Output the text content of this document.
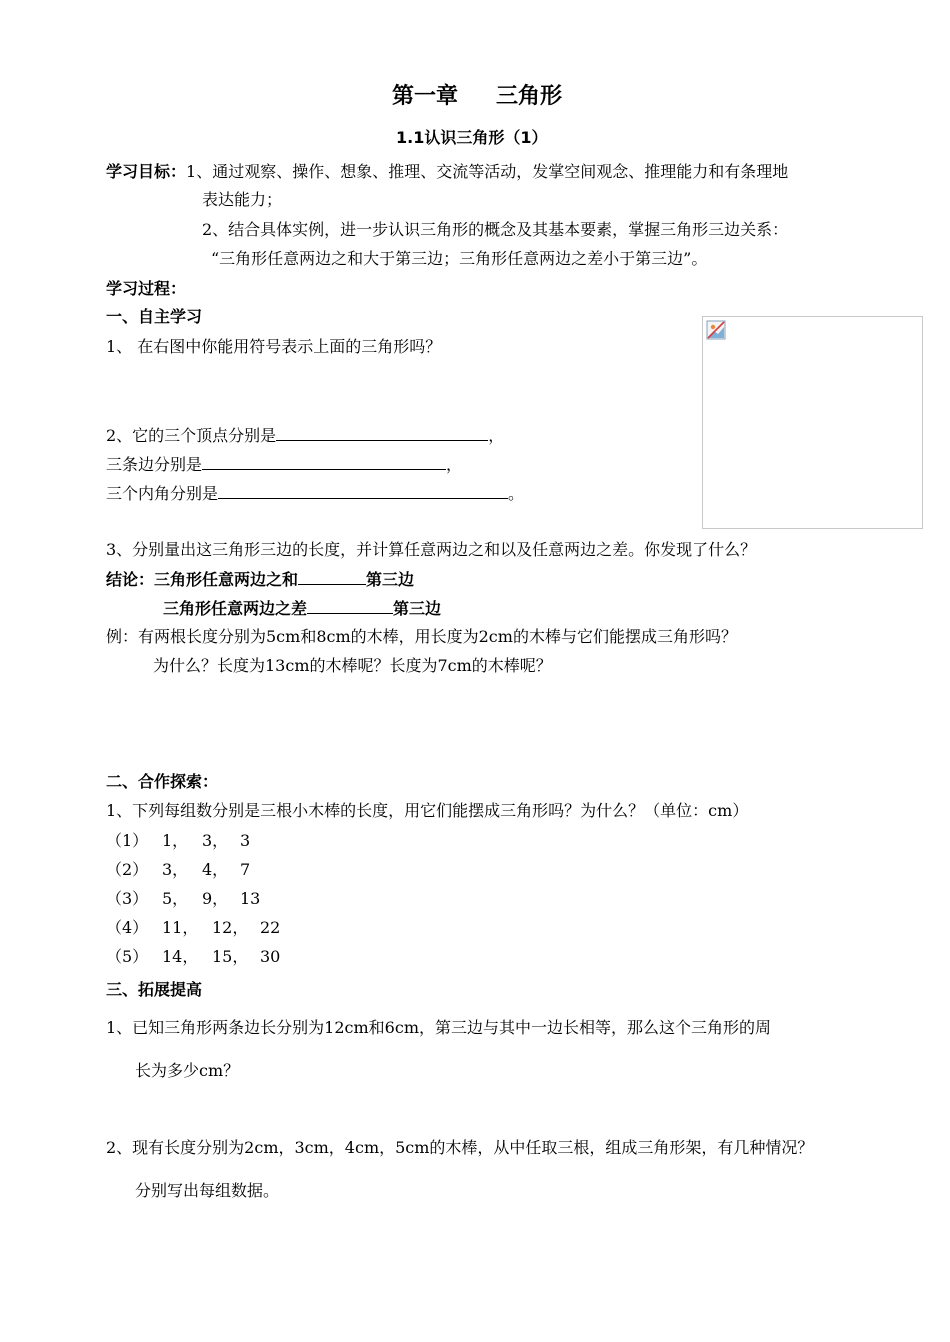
第一章 三角形
1.1认识三角形（1）
学习目标：1、通过观察、操作、想象、推理、交流等活动，发掌空间观念、推理能力和有条理地
表达能力；
2、结合具体实例，进一步认识三角形的概念及其基本要素，掌握三角形三边关系：
“三角形任意两边之和大于第三边；三角形任意两边之差小于第三边”。
学习过程：
一、自主学习
1、 在右图中你能用符号表示上面的三角形吗？
2、它的三个顶点分别是	，
三条边分别是	，
三个内角分别是	。
3、分别量出这三角形三边的长度，并计算任意两边之和以及任意两边之差。你发现了什么？
结论：三角形任意两边之和	第三边
三角形任意两边之差	第三边
例：有两根长度分别为5cm和8cm的木棒，用长度为2cm的木棒与它们能摆成三角形吗？
为什么？长度为13cm的木棒呢？长度为7cm的木棒呢？
二、合作探索：
1、下列每组数分别是三根小木棒的长度，用它们能摆成三角形吗？为什么？（单位：cm）
（1） 1， 3， 3
（2） 3， 4， 7
（3） 5， 9， 13
（4） 11， 12， 22
（5） 14， 15， 30
三、拓展提高
1、已知三角形两条边长分别为12cm和6cm，第三边与其中一边长相等，那么这个三角形的周
长为多少cm？
2、现有长度分别为2cm，3cm，4cm，5cm的木棒，从中任取三根，组成三角形架，有几种情况？
分别写出每组数据。
